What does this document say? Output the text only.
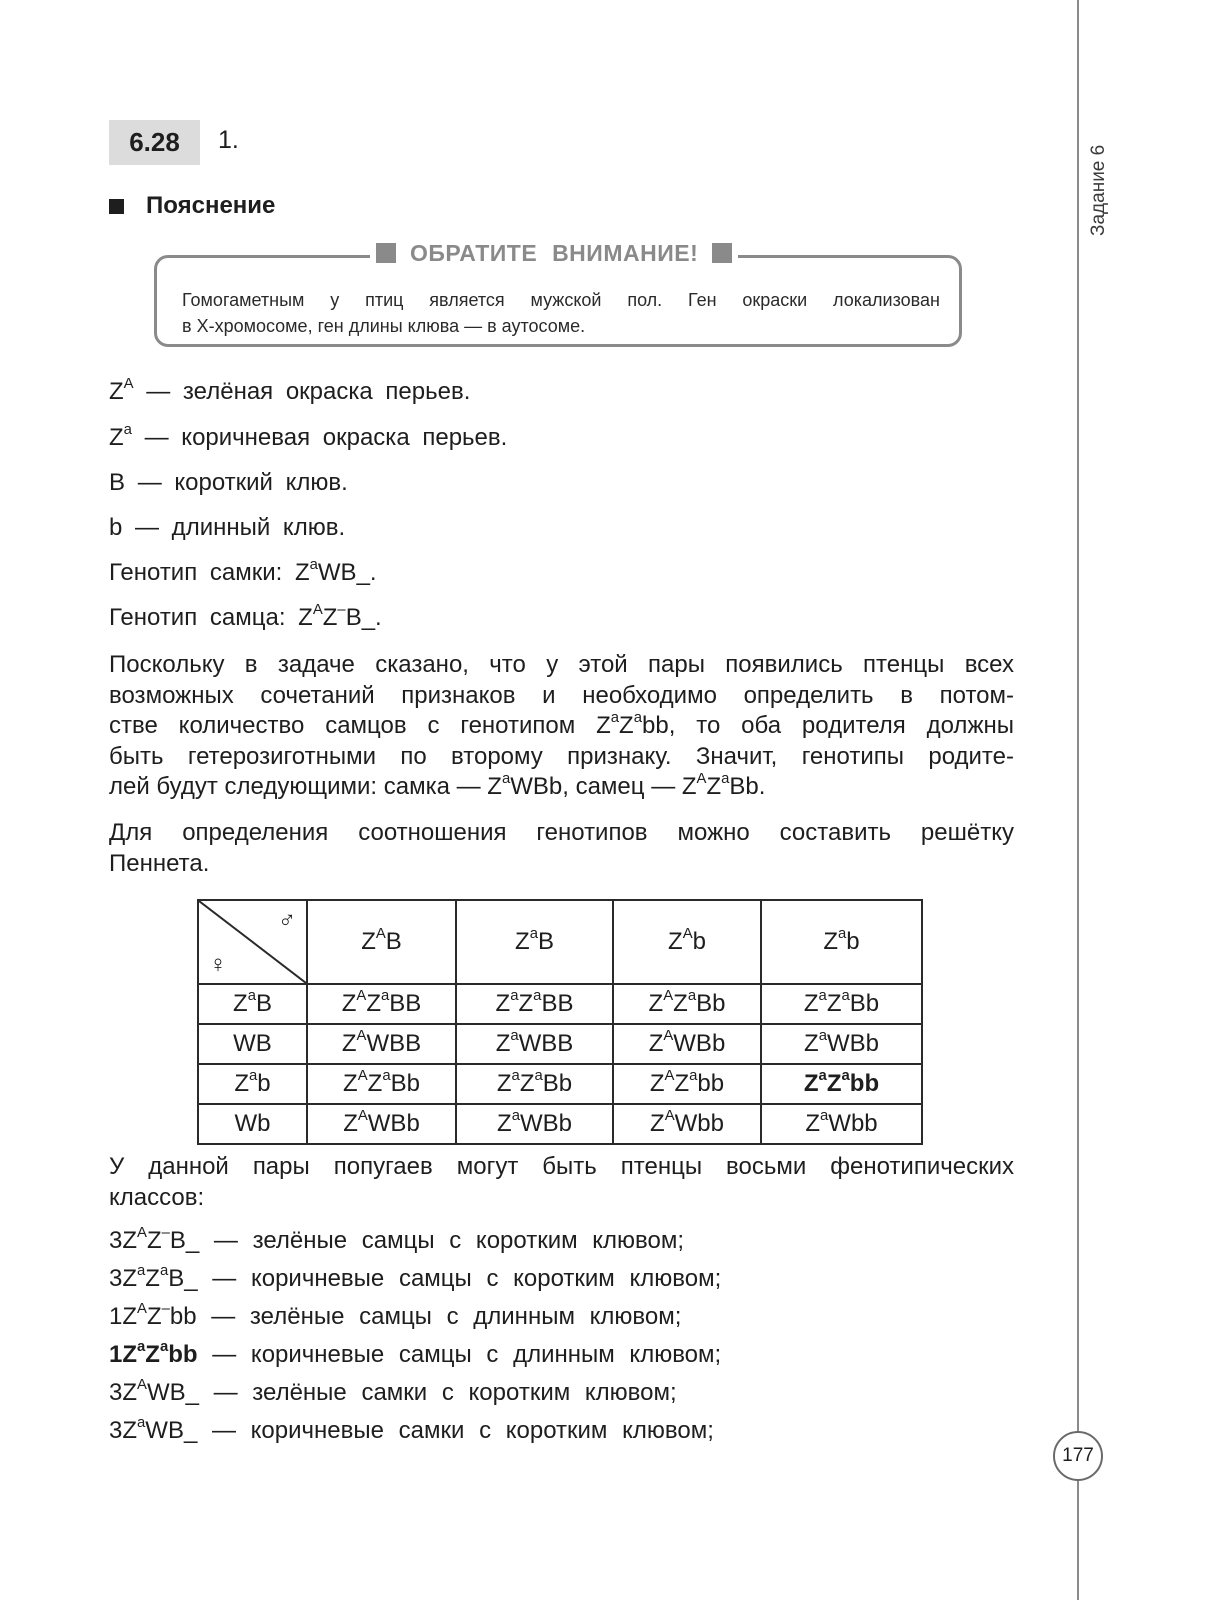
Задание 6
177
6.28	1.
Пояснение
ОБРАТИТЕ ВНИМАНИЕ!
Гомогаметным у птиц является мужской пол. Ген окраски локализован
в Х-хромосоме, ген длины клюва — в аутосоме.
$Z^A$ — зелёная окраска перьев.
$Z^a$ — коричневая окраска перьев.
B — короткий клюв.
b — длинный клюв.
Генотип самки: $Z^aWB\_$.
Генотип самца: $Z^AZ^-B\_$.
Поскольку в задаче сказано, что у этой пары появились птенцы всех
возможных сочетаний признаков и необходимо определить в потом-
стве количество самцов с генотипом $Z^aZ^abb$, то оба родителя должны
быть гетерозиготными по второму признаку. Значит, генотипы родите-
лей будут следующими: самка — $Z^aWBb$, самец — $Z^AZ^aBb$.
Для определения соотношения генотипов можно составить решётку
Пеннета.
♂
♀	$Z^AB$	$Z^aB$	$Z^Ab$	$Z^ab$
$Z^aB$	$Z^AZ^aBB$	$Z^aZ^aBB$	$Z^AZ^aBb$	$Z^aZ^aBb$
WB	$Z^AWBB$	$Z^aWBB$	$Z^AWBb$	$Z^aWBb$
$Z^ab$	$Z^AZ^aBb$	$Z^aZ^aBb$	$Z^AZ^abb$	$Z^aZ^abb$
Wb	$Z^AWBb$	$Z^aWBb$	$Z^AWbb$	$Z^aWbb$
У данной пары попугаев могут быть птенцы восьми фенотипических
классов:
$3Z^AZ^-B\_$ — зелёные самцы с коротким клювом;
$3Z^aZ^aB\_$ — коричневые самцы с коротким клювом;
$1Z^AZ^-bb$ — зелёные самцы с длинным клювом;
$1Z^aZ^abb$ — коричневые самцы с длинным клювом;
$3Z^AWB\_$ — зелёные самки с коротким клювом;
$3Z^aWB\_$ — коричневые самки с коротким клювом;
